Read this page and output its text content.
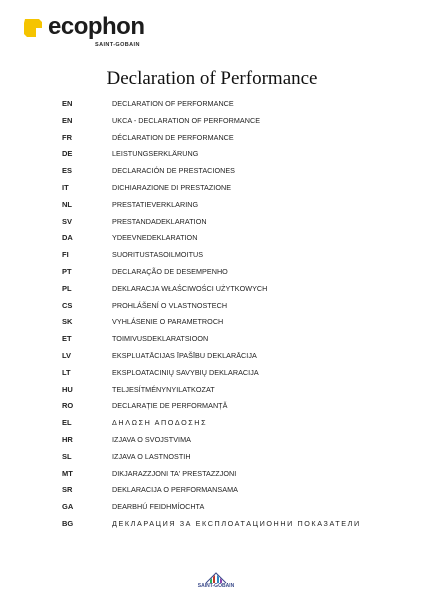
ecophon
SAINT-GOBAIN
Declaration of Performance
EN	DECLARATION OF PERFORMANCE
EN	UKCA - DECLARATION OF PERFORMANCE
FR	DÉCLARATION DE PERFORMANCE
DE	LEISTUNGSERKLÄRUNG
ES	DECLARACIÓN DE PRESTACIONES
IT	DICHIARAZIONE DI PRESTAZIONE
NL	PRESTATIEVERKLARING
SV	PRESTANDADEKLARATION
DA	YDEEVNEDEKLARATION
FI	SUORITUSTASOILMOITUS
PT	DECLARAÇÃO DE DESEMPENHO
PL	DEKLARACJA WŁAŚCIWOŚCI UŻYTKOWYCH
CS	PROHLÁŠENÍ O VLASTNOSTECH
SK	VYHLÁSENIE O PARAMETROCH
ET	TOIMIVUSDEKLARATSIOON
LV	EKSPLUATĀCIJAS ĪPAŠĪBU DEKLARĀCIJA
LT	EKSPLOATACINIŲ SAVYBIŲ DEKLARACIJA
HU	TELJESÍTMÉNYNYILATKOZAT
RO	DECLARAȚIE DE PERFORMANȚĂ
EL	ΔΗΛΩΣΗ ΑΠΟΔΟΣΗΣ
HR	IZJAVA O SVOJSTVIMA
SL	IZJAVA O LASTNOSTIH
MT	DIKJARAZZJONI TA' PRESTAZZJONI
SR	DEKLARACIJA O PERFORMANSAMA
GA	DEARBHÚ FEIDHMÍOCHTA
BG	ДЕКЛАРАЦИЯ ЗА ЕКСПЛОАТАЦИОННИ ПОКАЗАТЕЛИ
SAINT-GOBAIN
